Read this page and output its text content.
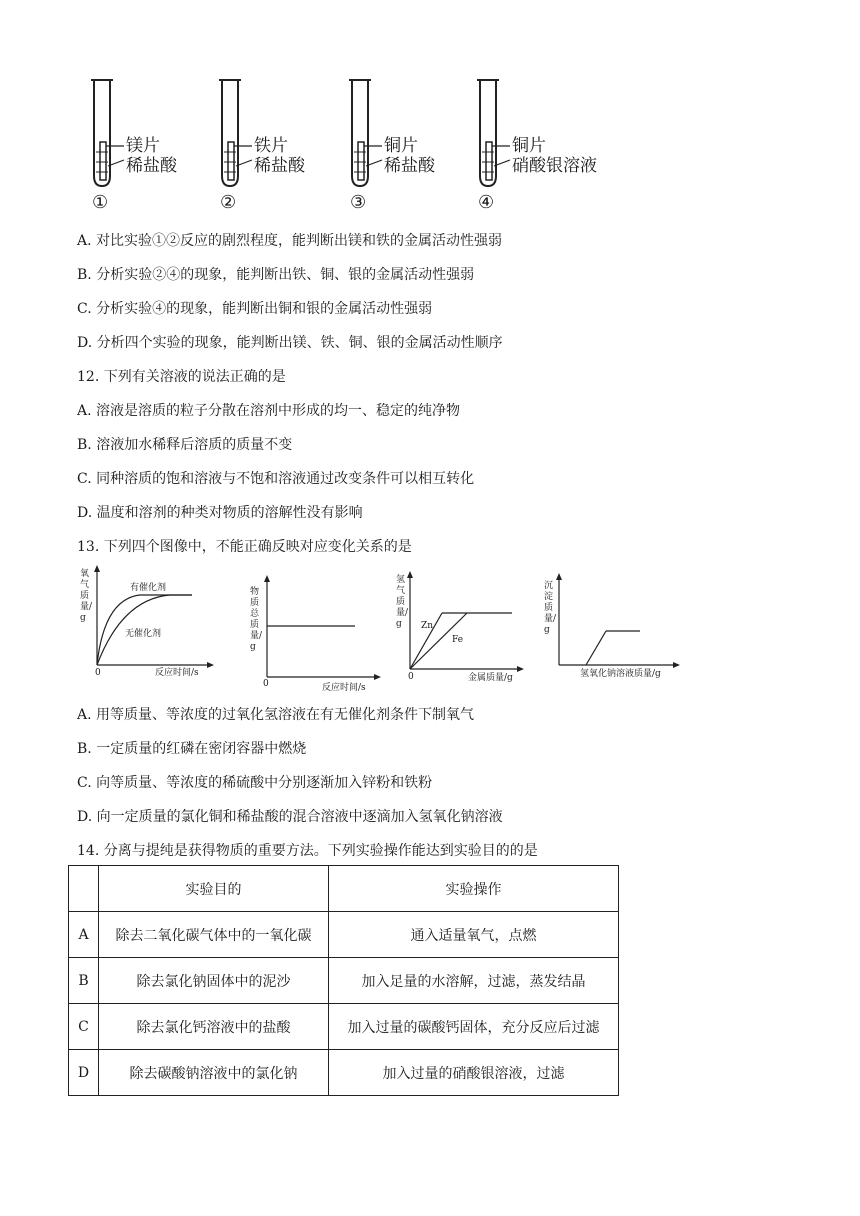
镁片
稀盐酸
①
铁片
稀盐酸
②
铜片
稀盐酸
③
铜片
硝酸银溶液
④
A. 对比实验①②反应的剧烈程度，能判断出镁和铁的金属活动性强弱
B. 分析实验②④的现象，能判断出铁、铜、银的金属活动性强弱
C. 分析实验④的现象，能判断出铜和银的金属活动性强弱
D. 分析四个实验的现象，能判断出镁、铁、铜、银的金属活动性顺序
12. 下列有关溶液的说法正确的是
A. 溶液是溶质的粒子分散在溶剂中形成的均一、稳定的纯净物
B. 溶液加水稀释后溶质的质量不变
C. 同种溶质的饱和溶液与不饱和溶液通过改变条件可以相互转化
D. 温度和溶剂的种类对物质的溶解性没有影响
13. 下列四个图像中，不能正确反映对应变化关系的是
氧气质量/g
有催化剂
无催化剂
0	反应时间/s
物质总质量/g
0	反应时间/s
氢气质量/g	Zn
Fe
0	金属质量/g
沉淀质量/g
氢氧化钠溶液质量/g
A. 用等质量、等浓度的过氧化氢溶液在有无催化剂条件下制氧气
B. 一定质量的红磷在密闭容器中燃烧
C. 向等质量、等浓度的稀硫酸中分别逐渐加入锌粉和铁粉
D. 向一定质量的氯化铜和稀盐酸的混合溶液中逐滴加入氢氧化钠溶液
14. 分离与提纯是获得物质的重要方法。下列实验操作能达到实验目的的是
	实验目的	实验操作
A	除去二氧化碳气体中的一氧化碳	通入适量氧气，点燃
B	除去氯化钠固体中的泥沙	加入足量的水溶解，过滤，蒸发结晶
C	除去氯化钙溶液中的盐酸	加入过量的碳酸钙固体，充分反应后过滤
D	除去碳酸钠溶液中的氯化钠	加入过量的硝酸银溶液，过滤
